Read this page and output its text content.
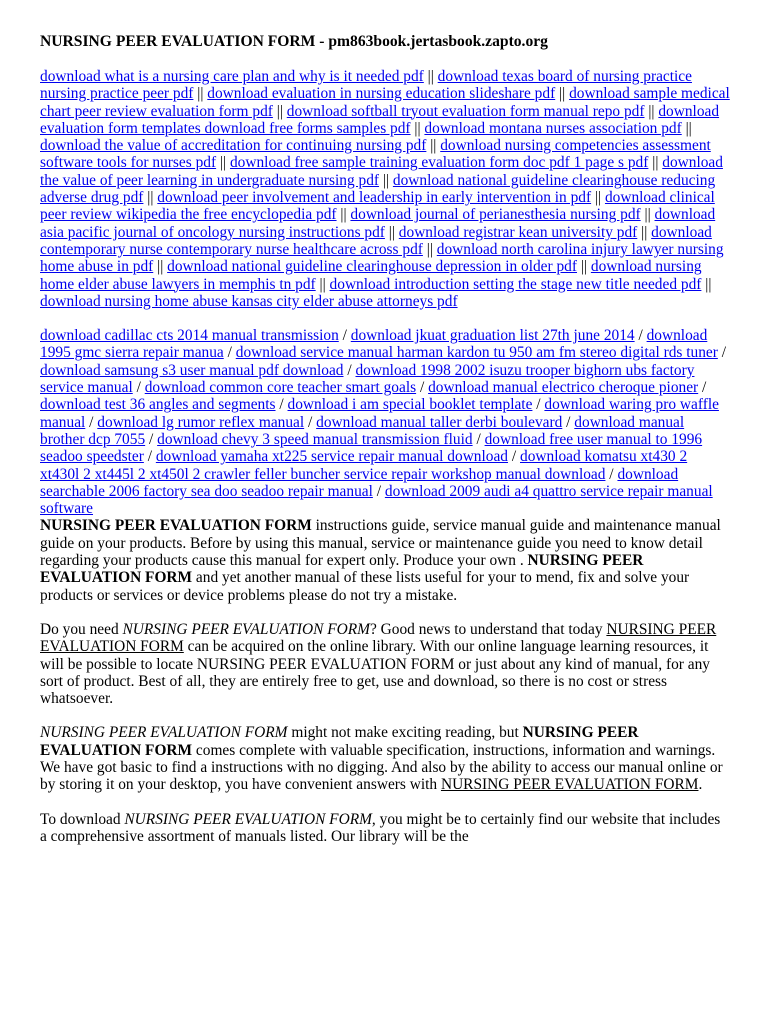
NURSING PEER EVALUATION FORM - pm863book.jertasbook.zapto.org
download what is a nursing care plan and why is it needed pdf || download texas board of nursing practice nursing practice peer pdf || download evaluation in nursing education slideshare pdf || download sample medical chart peer review evaluation form pdf || download softball tryout evaluation form manual repo pdf || download evaluation form templates download free forms samples pdf || download montana nurses association pdf || download the value of accreditation for continuing nursing pdf || download nursing competencies assessment software tools for nurses pdf || download free sample training evaluation form doc pdf 1 page s pdf || download the value of peer learning in undergraduate nursing pdf || download national guideline clearinghouse reducing adverse drug pdf || download peer involvement and leadership in early intervention in pdf || download clinical peer review wikipedia the free encyclopedia pdf || download journal of perianesthesia nursing pdf || download asia pacific journal of oncology nursing instructions pdf || download registrar kean university pdf || download contemporary nurse contemporary nurse healthcare across pdf || download north carolina injury lawyer nursing home abuse in pdf || download national guideline clearinghouse depression in older pdf || download nursing home elder abuse lawyers in memphis tn pdf || download introduction setting the stage new title needed pdf || download nursing home abuse kansas city elder abuse attorneys pdf
download cadillac cts 2014 manual transmission / download jkuat graduation list 27th june 2014 / download 1995 gmc sierra repair manua / download service manual harman kardon tu 950 am fm stereo digital rds tuner / download samsung s3 user manual pdf download / download 1998 2002 isuzu trooper bighorn ubs factory service manual / download common core teacher smart goals / download manual electrico cheroque pioner / download test 36 angles and segments / download i am special booklet template / download waring pro waffle manual / download lg rumor reflex manual / download manual taller derbi boulevard / download manual brother dcp 7055 / download chevy 3 speed manual transmission fluid / download free user manual to 1996 seadoo speedster / download yamaha xt225 service repair manual download / download komatsu xt430 2 xt430l 2 xt445l 2 xt450l 2 crawler feller buncher service repair workshop manual download / download searchable 2006 factory sea doo seadoo repair manual / download 2009 audi a4 quattro service repair manual software

NURSING PEER EVALUATION FORM instructions guide, service manual guide and maintenance manual guide on your products. Before by using this manual, service or maintenance guide you need to know detail regarding your products cause this manual for expert only. Produce your own . NURSING PEER EVALUATION FORM and yet another manual of these lists useful for your to mend, fix and solve your products or services or device problems please do not try a mistake.

Do you need NURSING PEER EVALUATION FORM? Good news to understand that today NURSING PEER EVALUATION FORM can be acquired on the online library. With our online language learning resources, it will be possible to locate NURSING PEER EVALUATION FORM or just about any kind of manual, for any sort of product. Best of all, they are entirely free to get, use and download, so there is no cost or stress whatsoever.

NURSING PEER EVALUATION FORM might not make exciting reading, but NURSING PEER EVALUATION FORM comes complete with valuable specification, instructions, information and warnings. We have got basic to find a instructions with no digging. And also by the ability to access our manual online or by storing it on your desktop, you have convenient answers with NURSING PEER EVALUATION FORM.

To download NURSING PEER EVALUATION FORM, you might be to certainly find our website that includes a comprehensive assortment of manuals listed. Our library will be the
